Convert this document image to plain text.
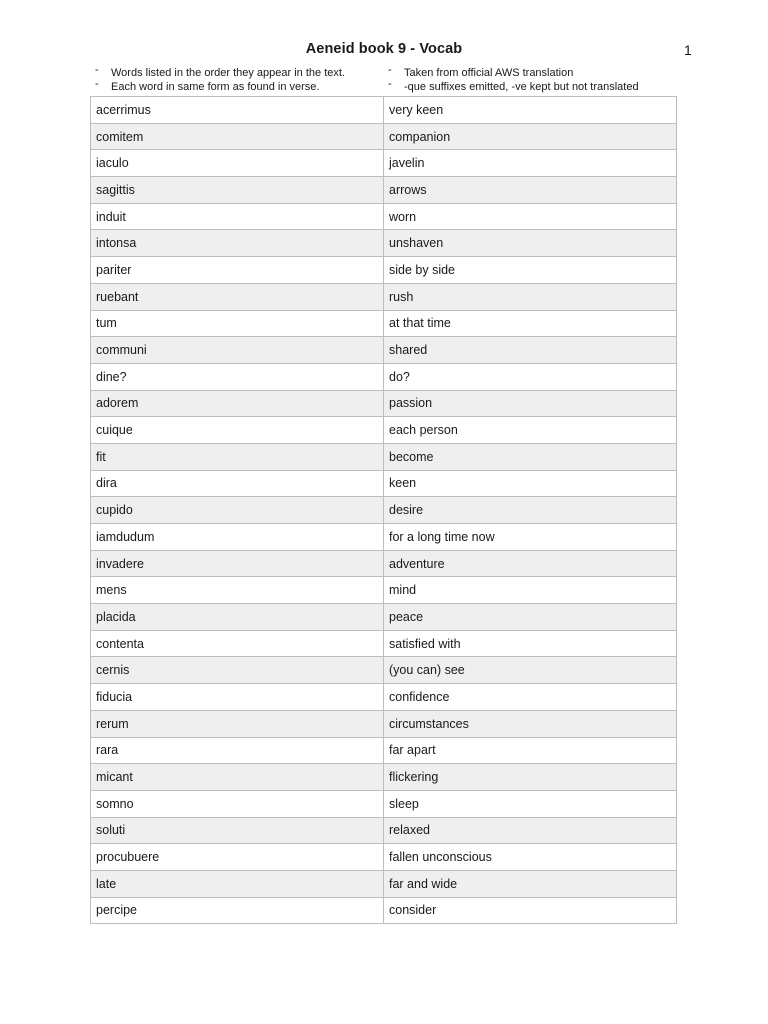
Aeneid book 9 - Vocab	1
- Words listed in the order they appear in the text.
- Each word in same form as found in verse.
- Taken from official AWS translation
- -que suffixes emitted, -ve kept but not translated
acerrimus	very keen
comitem	companion
iaculo	javelin
sagittis	arrows
induit	worn
intonsa	unshaven
pariter	side by side
ruebant	rush
tum	at that time
communi	shared
dine?	do?
adorem	passion
cuique	each person
fit	become
dira	keen
cupido	desire
iamdudum	for a long time now
invadere	adventure
mens	mind
placida	peace
contenta	satisfied with
cernis	(you can) see
fiducia	confidence
rerum	circumstances
rara	far apart
micant	flickering
somno	sleep
soluti	relaxed
procubuere	fallen unconscious
late	far and wide
percipe	consider
